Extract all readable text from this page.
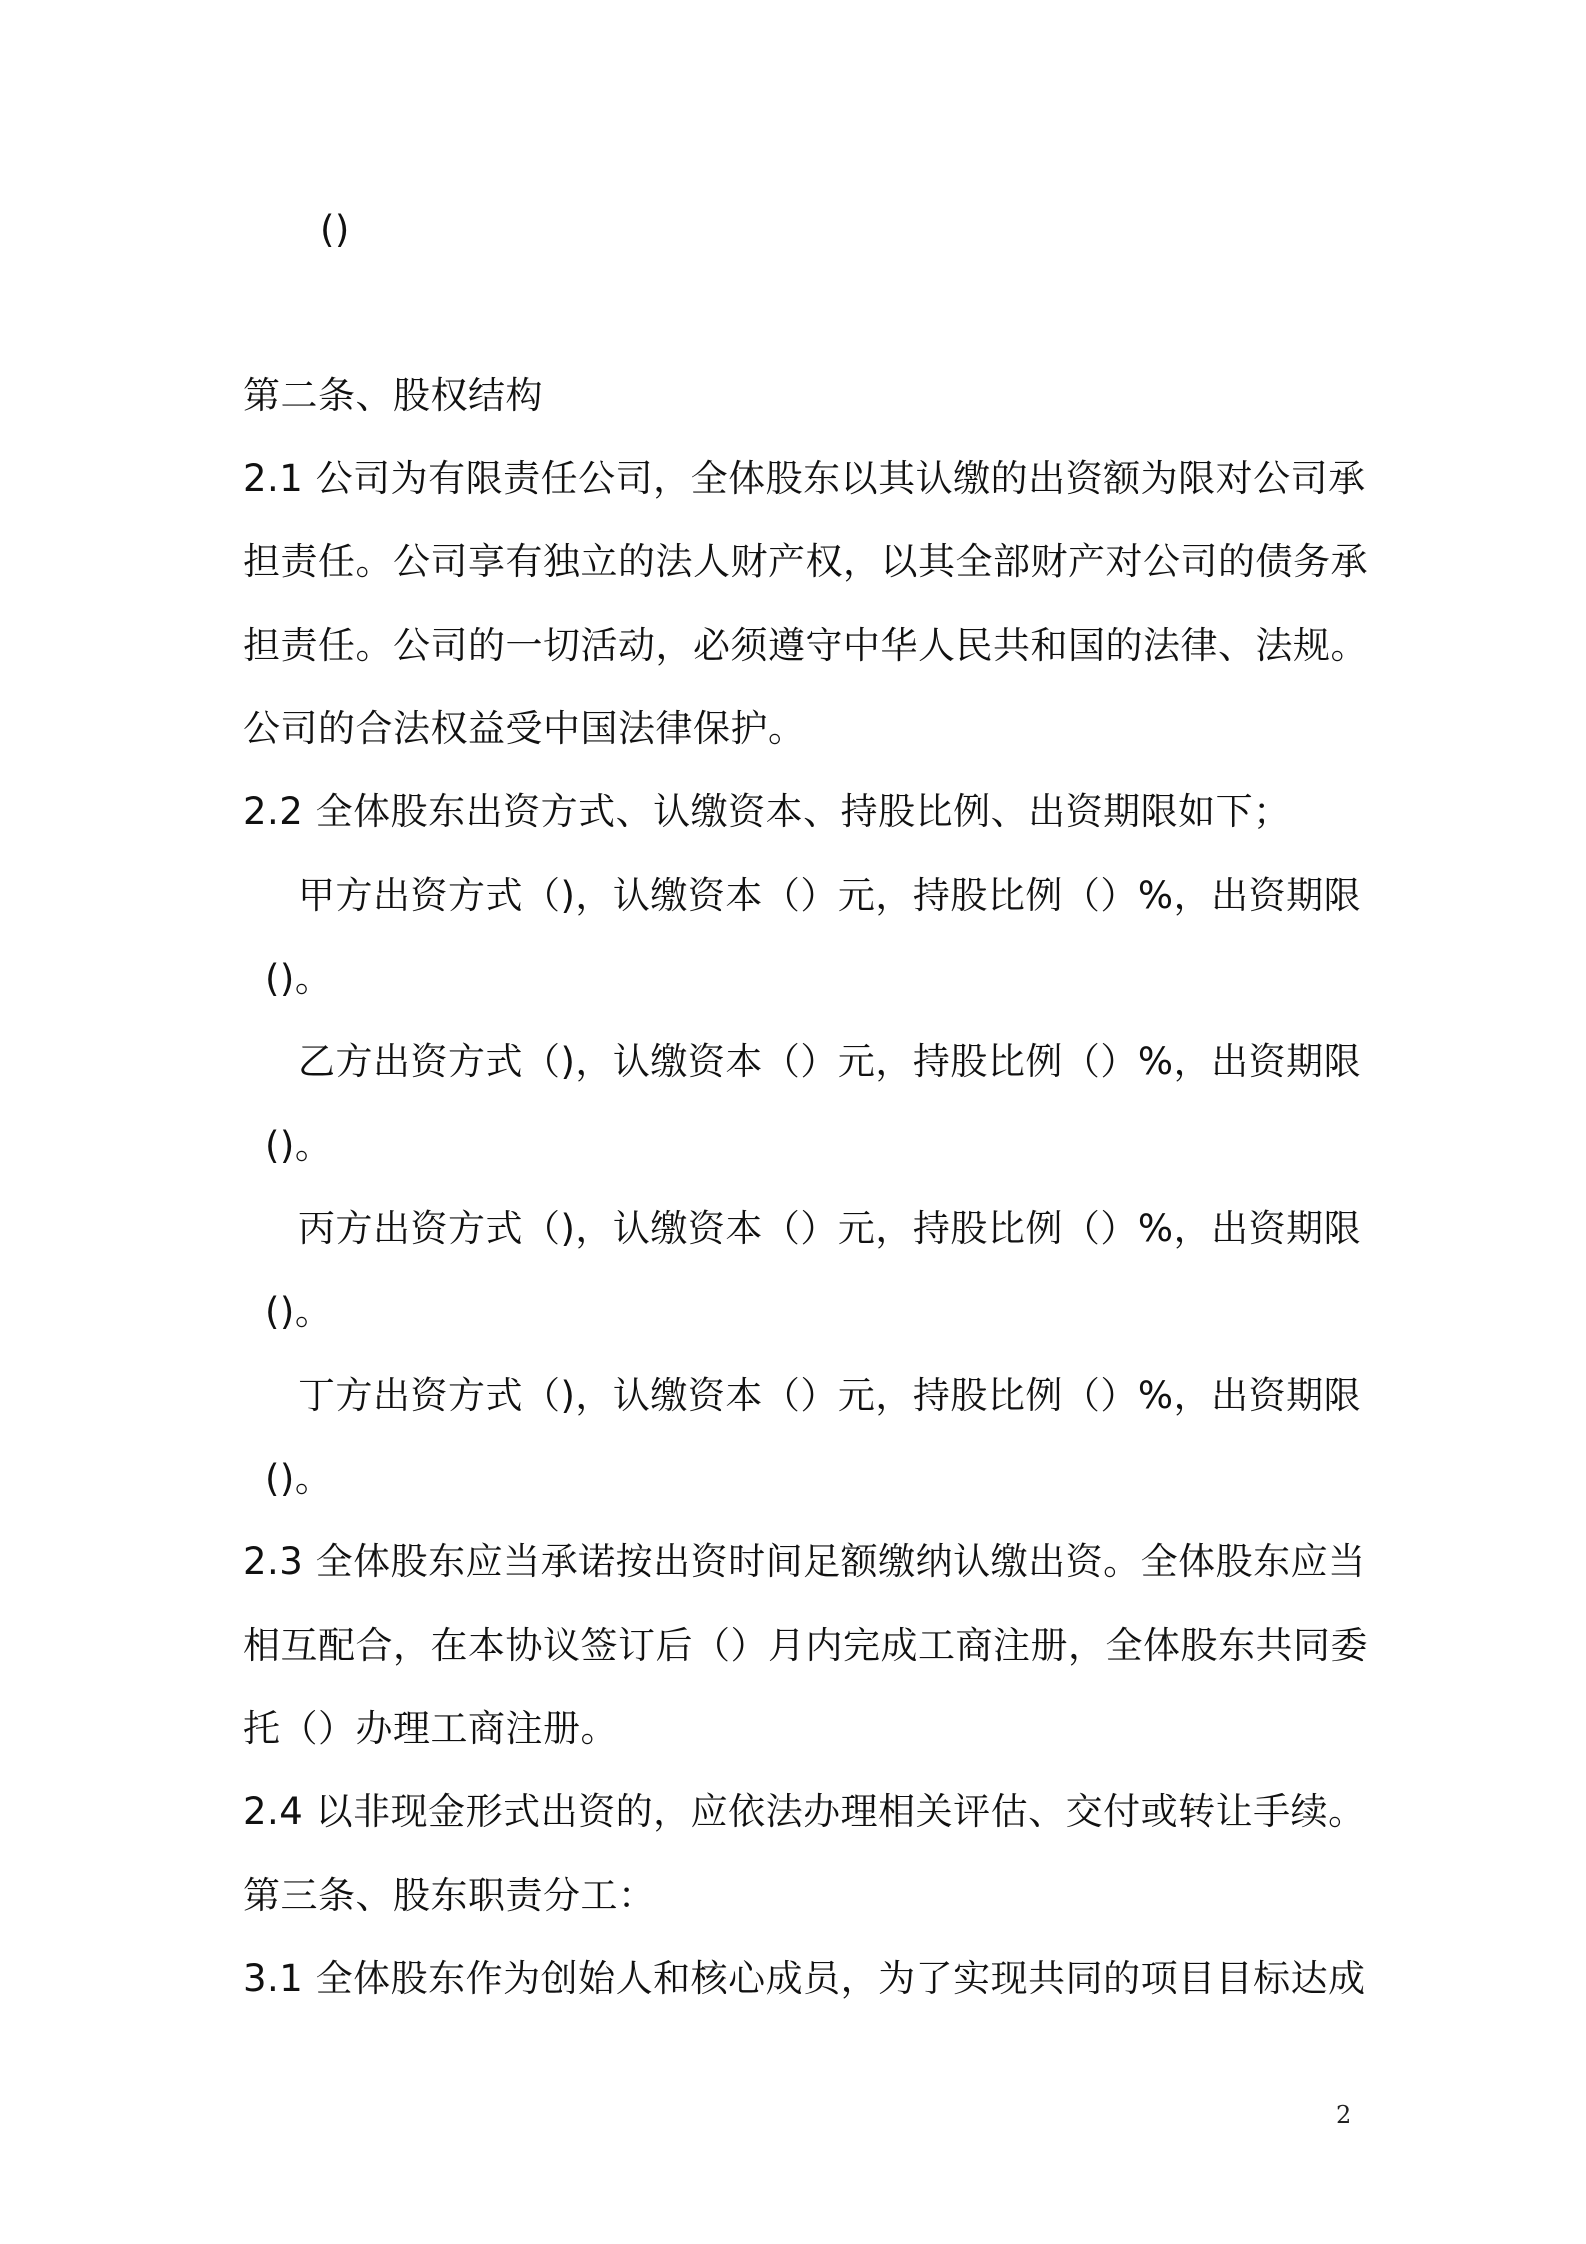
()
第二条、股权结构
2.1 公司为有限责任公司，全体股东以其认缴的出资额为限对公司承
担责任。公司享有独立的法人财产权，以其全部财产对公司的债务承
担责任。公司的一切活动，必须遵守中华人民共和国的法律、法规。
公司的合法权益受中国法律保护。
2.2 全体股东出资方式、认缴资本、持股比例、出资期限如下；
甲方出资方式（)，认缴资本（）元，持股比例（）%，出资期限
()。
乙方出资方式（)，认缴资本（）元，持股比例（）%，出资期限
()。
丙方出资方式（)，认缴资本（）元，持股比例（）%，出资期限
()。
丁方出资方式（)，认缴资本（）元，持股比例（）%，出资期限
()。
2.3 全体股东应当承诺按出资时间足额缴纳认缴出资。全体股东应当
相互配合，在本协议签订后（）月内完成工商注册，全体股东共同委
托（）办理工商注册。
2.4 以非现金形式出资的，应依法办理相关评估、交付或转让手续。
第三条、股东职责分工：
3.1 全体股东作为创始人和核心成员，为了实现共同的项目目标达成
2
